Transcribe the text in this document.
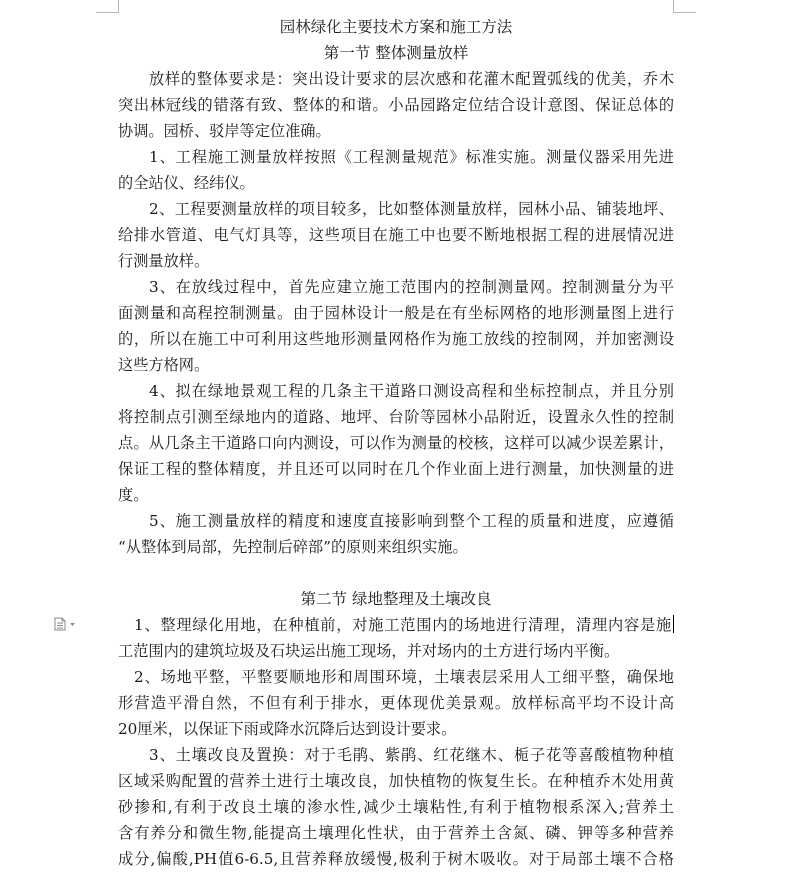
园林绿化主要技术方案和施工方法
第一节 整体测量放样
放样的整体要求是：突出设计要求的层次感和花灌木配置弧线的优美，乔木
突出林冠线的错落有致、整体的和谐。小品园路定位结合设计意图、保证总体的
协调。园桥、驳岸等定位准确。
1、工程施工测量放样按照《工程测量规范》标准实施。测量仪器采用先进
的全站仪、经纬仪。
2、工程要测量放样的项目较多，比如整体测量放样，园林小品、铺装地坪、
给排水管道、电气灯具等，这些项目在施工中也要不断地根据工程的进展情况进
行测量放样。
3、在放线过程中，首先应建立施工范围内的控制测量网。控制测量分为平
面测量和高程控制测量。由于园林设计一般是在有坐标网格的地形测量图上进行
的，所以在施工中可利用这些地形测量网格作为施工放线的控制网，并加密测设
这些方格网。
4、拟在绿地景观工程的几条主干道路口测设高程和坐标控制点，并且分别
将控制点引测至绿地内的道路、地坪、台阶等园林小品附近，设置永久性的控制
点。从几条主干道路口向内测设，可以作为测量的校核，这样可以减少误差累计，
保证工程的整体精度，并且还可以同时在几个作业面上进行测量，加快测量的进
度。
5、施工测量放样的精度和速度直接影响到整个工程的质量和进度，应遵循
“从整体到局部，先控制后碎部”的原则来组织实施。
第二节 绿地整理及土壤改良
1、整理绿化用地，在种植前，对施工范围内的场地进行清理，清理内容是施
工范围内的建筑垃圾及石块运出施工现场，并对场内的土方进行场内平衡。
2、场地平整，平整要顺地形和周围环境，土壤表层采用人工细平整，确保地
形营造平滑自然，不但有利于排水，更体现优美景观。放样标高平均不设计高
20厘米，以保证下雨或降水沉降后达到设计要求。
3、土壤改良及置换：对于毛鹃、紫鹃、红花继木、栀子花等喜酸植物种植
区域采购配置的营养土进行土壤改良，加快植物的恢复生长。在种植乔木处用黄
砂掺和,有利于改良土壤的渗水性,减少土壤粘性,有利于植物根系深入;营养土
含有养分和微生物,能提高土壤理化性状，由于营养土含氮、磷、钾等多种营养
成分,偏酸,PH值6-6.5,且营养释放缓慢,极利于树木吸收。对于局部土壤不合格
